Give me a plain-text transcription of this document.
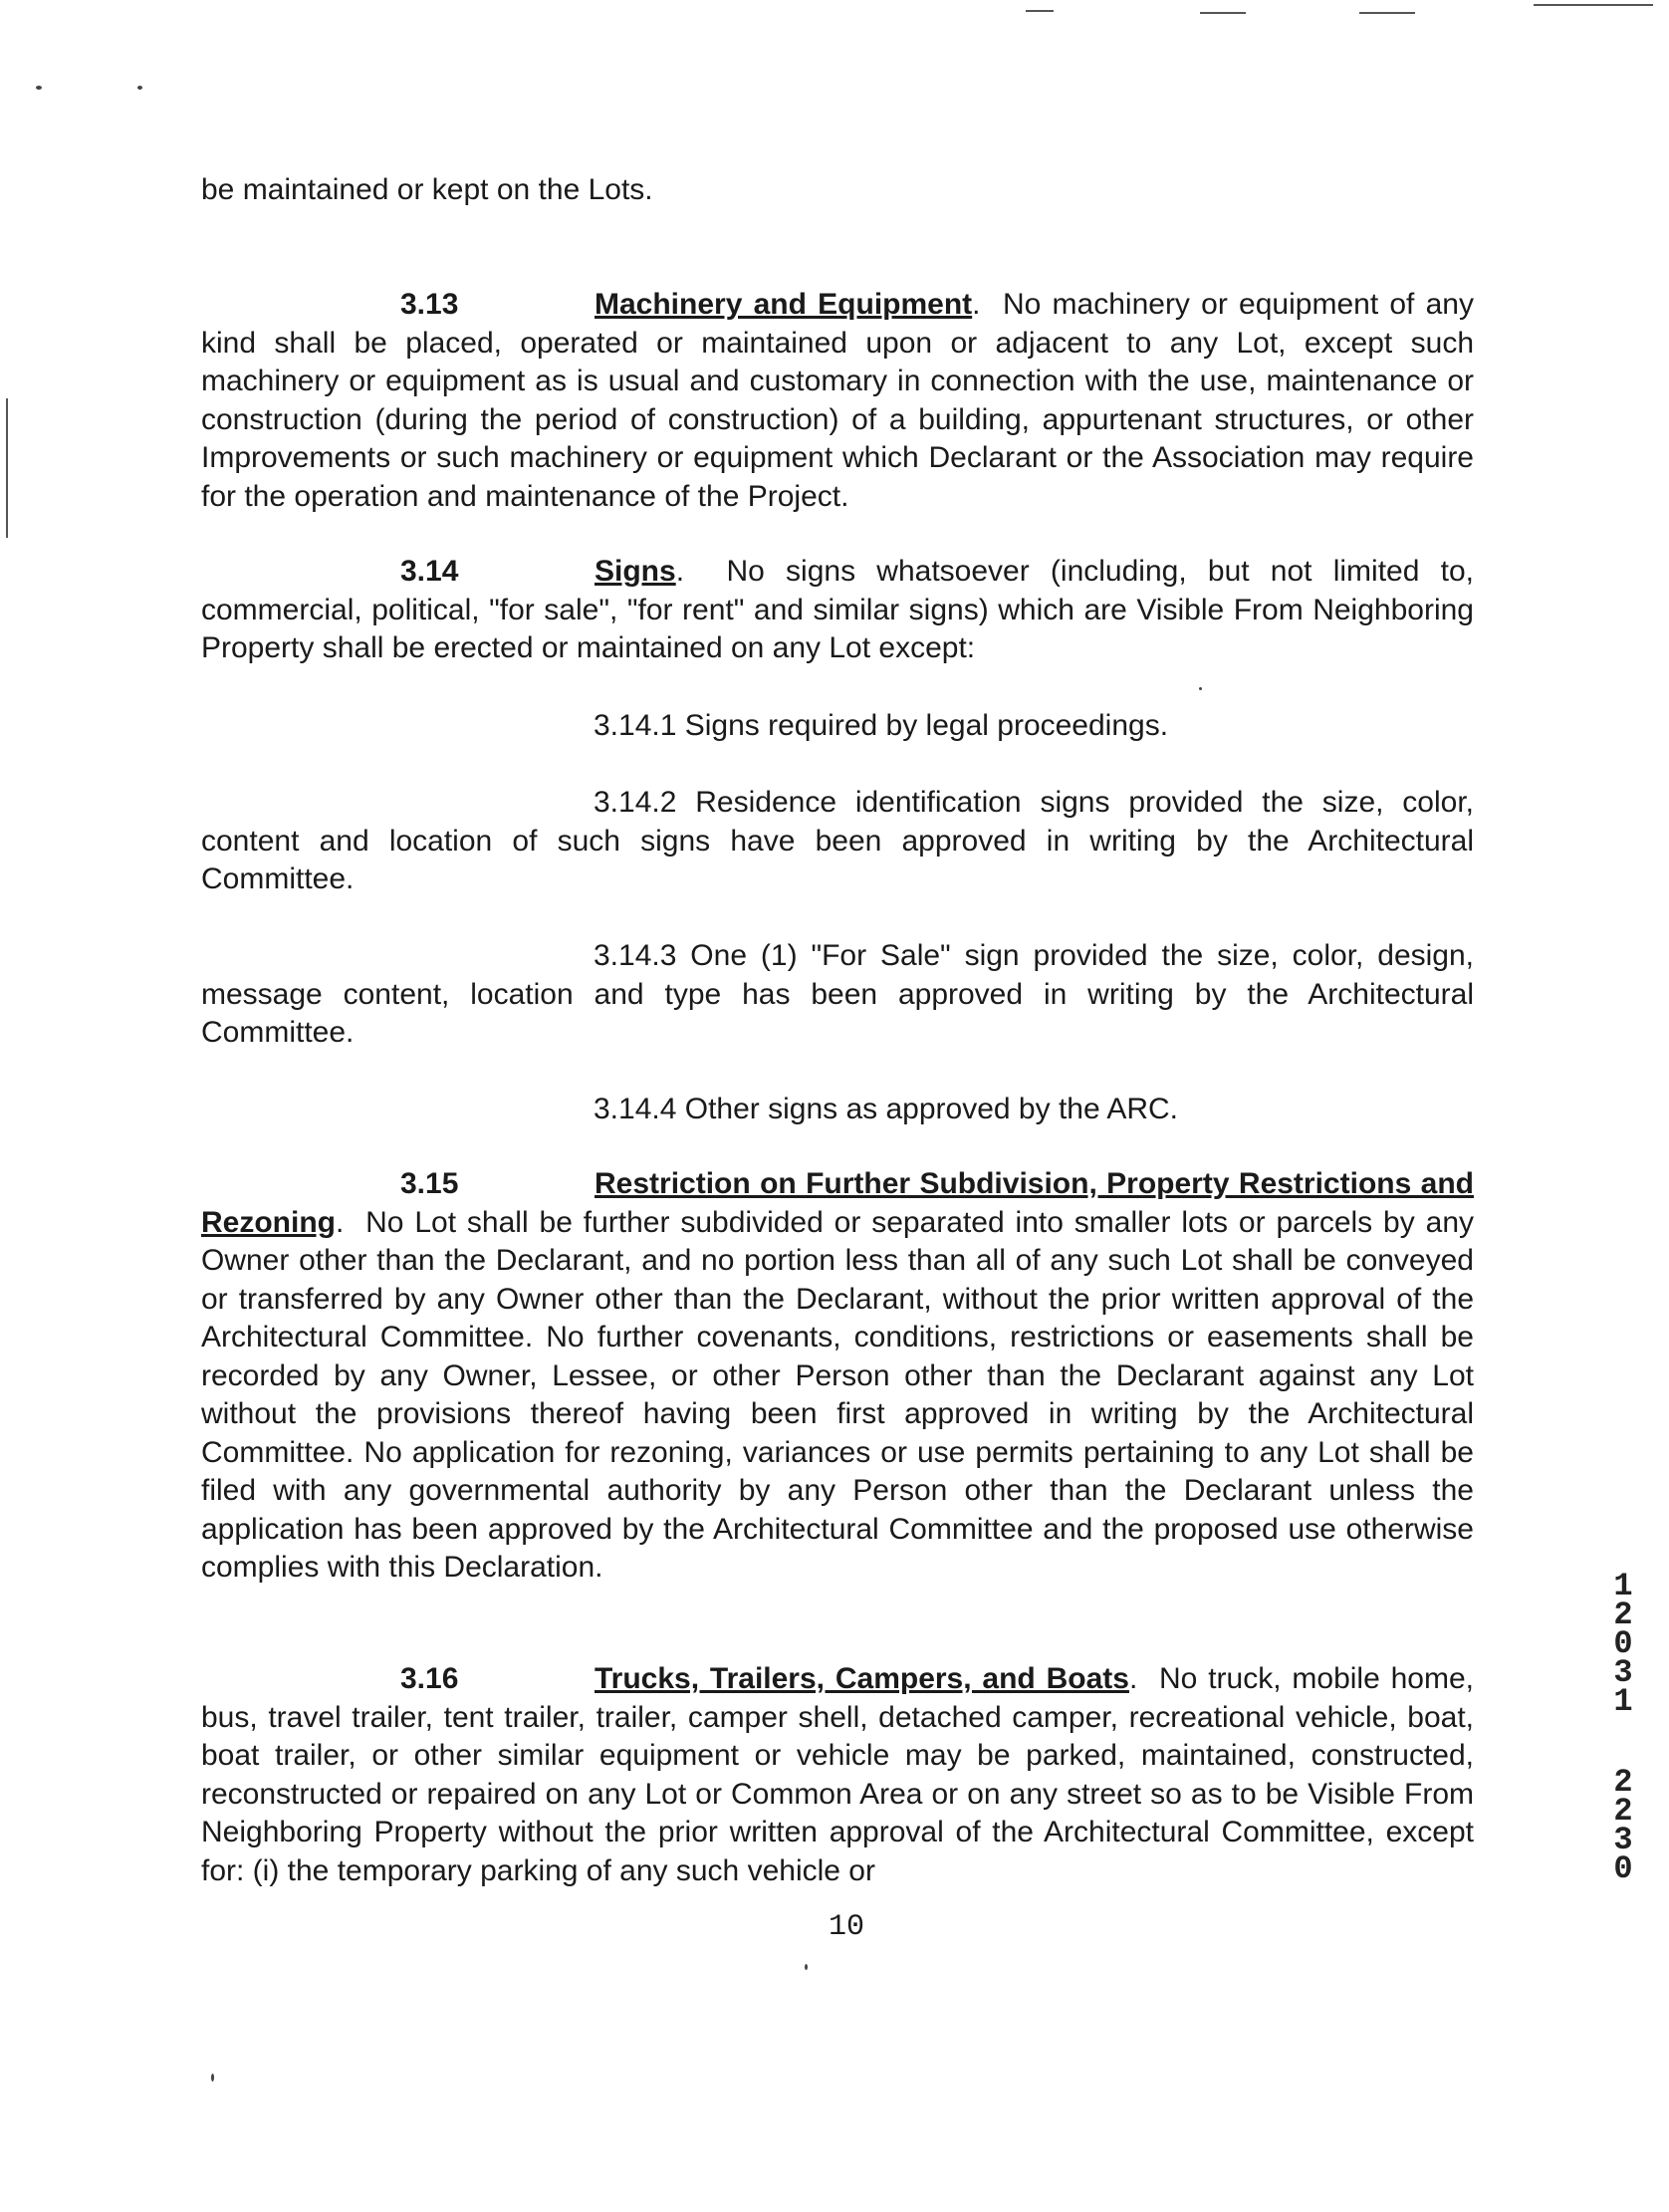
be maintained or kept on the Lots.

3.13	Machinery and Equipment.  No machinery or equipment of any kind shall be placed, operated or maintained upon or adjacent to any Lot, except such machinery or equipment as is usual and customary in connection with the use, maintenance or construction (during the period of construction) of a building, appurtenant structures, or other Improvements or such machinery or equipment which Declarant or the Association may require for the operation and maintenance of the Project.

3.14	Signs.  No signs whatsoever (including, but not limited to, commercial, political, "for sale", "for rent" and similar signs) which are Visible From Neighboring Property shall be erected or maintained on any Lot except:

3.14.1 Signs required by legal proceedings.

3.14.2 Residence identification signs provided the size, color, content and location of such signs have been approved in writing by the Architectural Committee.

3.14.3 One (1) "For Sale" sign provided the size, color, design, message content, location and type has been approved in writing by the Architectural Committee.

3.14.4 Other signs as approved by the ARC.

3.15	Restriction on Further Subdivision, Property Restrictions and Rezoning.  No Lot shall be further subdivided or separated into smaller lots or parcels by any Owner other than the Declarant, and no portion less than all of any such Lot shall be conveyed or transferred by any Owner other than the Declarant, without the prior written approval of the Architectural Committee. No further covenants, conditions, restrictions or easements shall be recorded by any Owner, Lessee, or other Person other than the Declarant against any Lot without the provisions thereof having been first approved in writing by the Architectural Committee. No application for rezoning, variances or use permits pertaining to any Lot shall be filed with any governmental authority by any Person other than the Declarant unless the application has been approved by the Architectural Committee and the proposed use otherwise complies with this Declaration.

3.16	Trucks, Trailers, Campers, and Boats.  No truck, mobile home, bus, travel trailer, tent trailer, trailer, camper shell, detached camper, recreational vehicle, boat, boat trailer, or other similar equipment or vehicle may be parked, maintained, constructed, reconstructed or repaired on any Lot or Common Area or on any street so as to be Visible From Neighboring Property without the prior written approval of the Architectural Committee, except for: (i) the temporary parking of any such vehicle or

10
1
2
0
3
1
2
2
3
0
